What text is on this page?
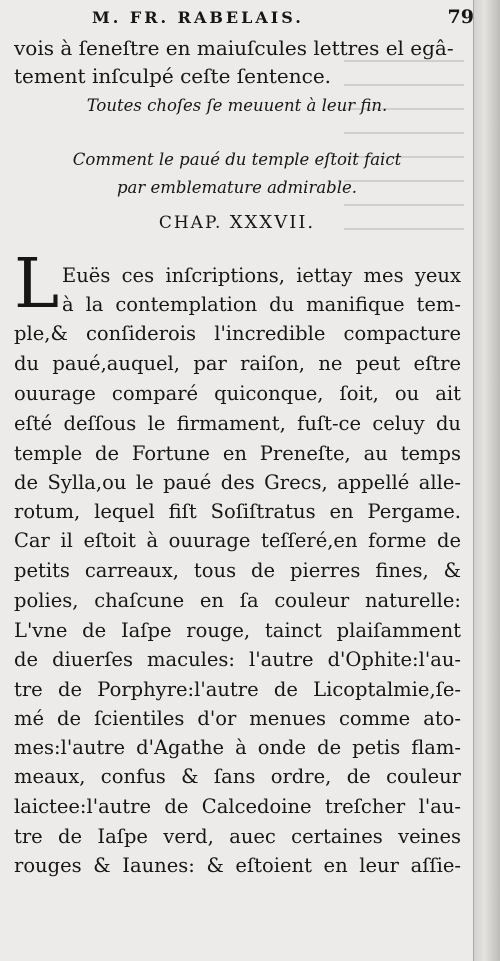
M. FR. RABELAIS.	79
vois à ſeneſtre en maiuſcules lettres el egâ-
tement inſculpé ceſte ſentence.
Toutes choſes ſe meuuent à leur fin.
Comment le paué du temple eſtoit faict
par emblemature admirable.
CHAP. XXXVII.
L Euës ces inſcriptions, iettay mes yeux
à la contemplation du manifique tem-
ple,& conſiderois l'incredible compacture
du paué,auquel, par raiſon, ne peut eſtre
ouurage comparé quiconque, ſoit, ou ait
eſté deſſous le firmament, fuſt-ce celuy du
temple de Fortune en Preneſte, au temps
de Sylla,ou le paué des Grecs, appellé alle-
rotum, lequel fiſt Soſiſtratus en Pergame.
Car il eſtoit à ouurage teſſeré,en forme de
petits carreaux, tous de pierres fines, &
polies, chaſcune en ſa couleur naturelle:
L'vne de Iaſpe rouge, tainct plaiſamment
de diuerſes macules: l'autre d'Ophite:l'au-
tre de Porphyre:l'autre de Licoptalmie,ſe-
mé de ſcientiles d'or menues comme ato-
mes:l'autre d'Agathe à onde de petis flam-
meaux, confus & ſans ordre, de couleur
laictee:l'autre de Calcedoine treſcher l'au-
tre de Iaſpe verd, auec certaines veines
rouges & Iaunes: & eſtoient en leur aſſie-
